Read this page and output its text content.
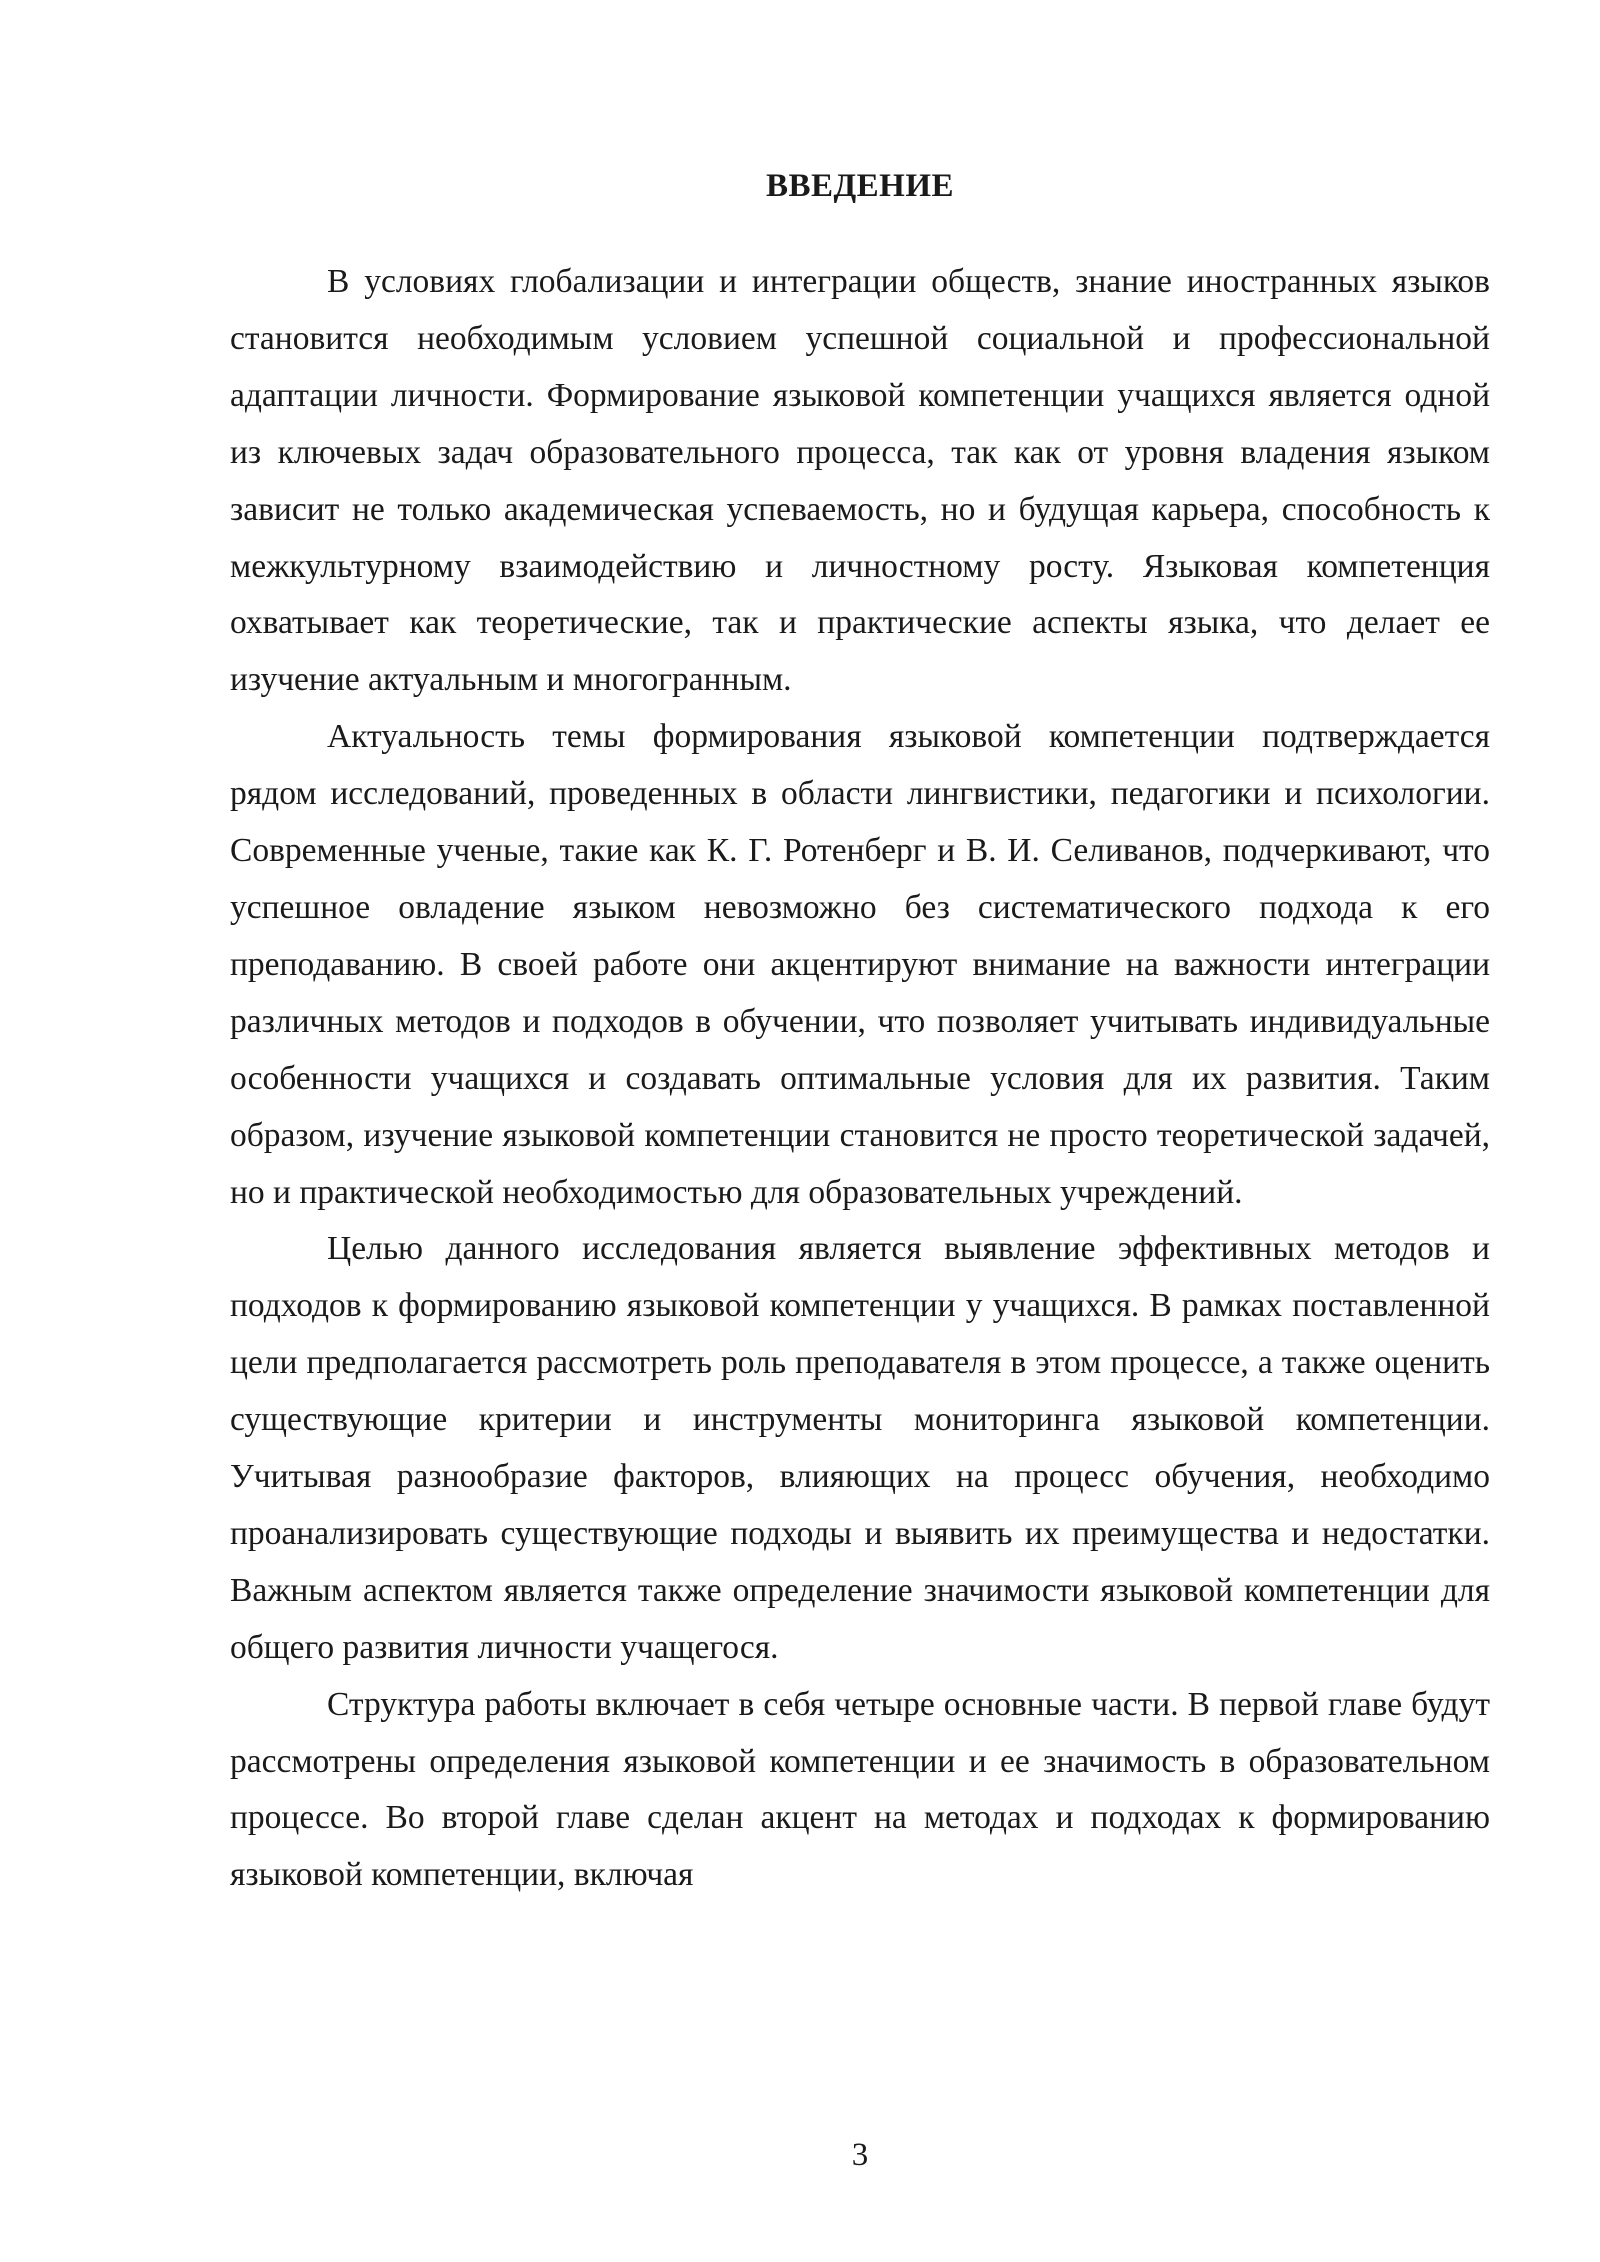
ВВЕДЕНИЕ

В условиях глобализации и интеграции обществ, знание иностранных языков становится необходимым условием успешной социальной и профессиональной адаптации личности. Формирование языковой компетенции учащихся является одной из ключевых задач образовательного процесса, так как от уровня владения языком зависит не только академическая успеваемость, но и будущая карьера, способность к межкультурному взаимодействию и личностному росту. Языковая компетенция охватывает как теоретические, так и практические аспекты языка, что делает ее изучение актуальным и многогранным.

Актуальность темы формирования языковой компетенции подтверждается рядом исследований, проведенных в области лингвистики, педагогики и психологии. Современные ученые, такие как К. Г. Ротенберг и В. И. Селиванов, подчеркивают, что успешное овладение языком невозможно без систематического подхода к его преподаванию. В своей работе они акцентируют внимание на важности интеграции различных методов и подходов в обучении, что позволяет учитывать индивидуальные особенности учащихся и создавать оптимальные условия для их развития. Таким образом, изучение языковой компетенции становится не просто теоретической задачей, но и практической необходимостью для образовательных учреждений.

Целью данного исследования является выявление эффективных методов и подходов к формированию языковой компетенции у учащихся. В рамках поставленной цели предполагается рассмотреть роль преподавателя в этом процессе, а также оценить существующие критерии и инструменты мониторинга языковой компетенции. Учитывая разнообразие факторов, влияющих на процесс обучения, необходимо проанализировать существующие подходы и выявить их преимущества и недостатки. Важным аспектом является также определение значимости языковой компетенции для общего развития личности учащегося.

Структура работы включает в себя четыре основные части. В первой главе будут рассмотрены определения языковой компетенции и ее значимость в образовательном процессе. Во второй главе сделан акцент на методах и подходах к формированию языковой компетенции, включая

3
